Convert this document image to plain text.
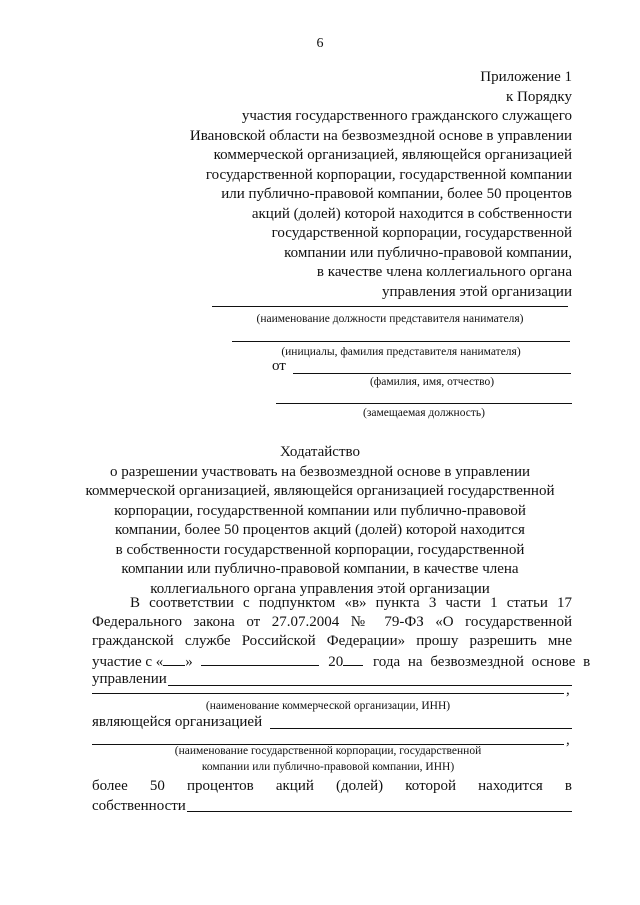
6
Приложение 1
к Порядку
участия государственного гражданского служащего
Ивановской области на безвозмездной основе в управлении
коммерческой организацией, являющейся организацией
государственной корпорации, государственной компании
или публично-правовой компании, более 50 процентов
акций (долей) которой находится в собственности
государственной корпорации, государственной
компании или публично-правовой компании,
в качестве члена коллегиального органа
управления этой организации
(наименование должности представителя нанимателя)
(инициалы, фамилия представителя нанимателя)
от
(фамилия, имя, отчество)
(замещаемая должность)
Ходатайство
о разрешении участвовать на безвозмездной основе в управлении
коммерческой организацией, являющейся организацией государственной
корпорации, государственной компании или публично-правовой
компании, более 50 процентов акций (долей) которой находится
в собственности государственной корпорации, государственной
компании или публично-правовой компании, в качестве члена
коллегиального органа управления этой организации
В соответствии с подпунктом «в» пункта 3 части 1 статьи 17
Федерального закона от 27.07.2004 № 79-ФЗ «О государственной
гражданской службе Российской Федерации» прошу разрешить мне
участие с « »	20 года на безвозмездной основе в
управлении
,
(наименование коммерческой организации, ИНН)
являющейся организацией
,
(наименование государственной корпорации, государственной
компании или публично-правовой компании, ИНН)
более 50 процентов акций (долей) которой находится в
собственности
